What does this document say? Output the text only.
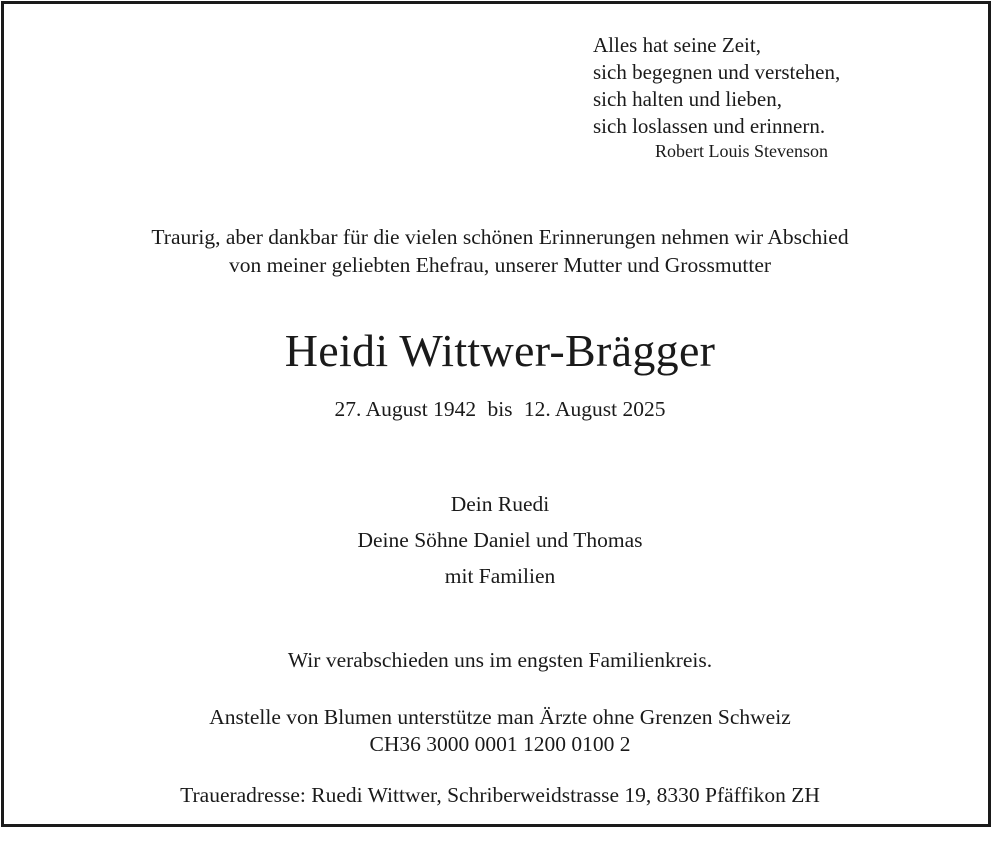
Alles hat seine Zeit,
sich begegnen und verstehen,
sich halten und lieben,
sich loslassen und erinnern.
Robert Louis Stevenson
Traurig, aber dankbar für die vielen schönen Erinnerungen nehmen wir Abschied
von meiner geliebten Ehefrau, unserer Mutter und Grossmutter
Heidi Wittwer-Brägger
27. August 1942 bis 12. August 2025
Dein Ruedi
Deine Söhne Daniel und Thomas
mit Familien
Wir verabschieden uns im engsten Familienkreis.
Anstelle von Blumen unterstütze man Ärzte ohne Grenzen Schweiz
CH36 3000 0001 1200 0100 2
Traueradresse: Ruedi Wittwer, Schriberweidstrasse 19, 8330 Pfäffikon ZH
